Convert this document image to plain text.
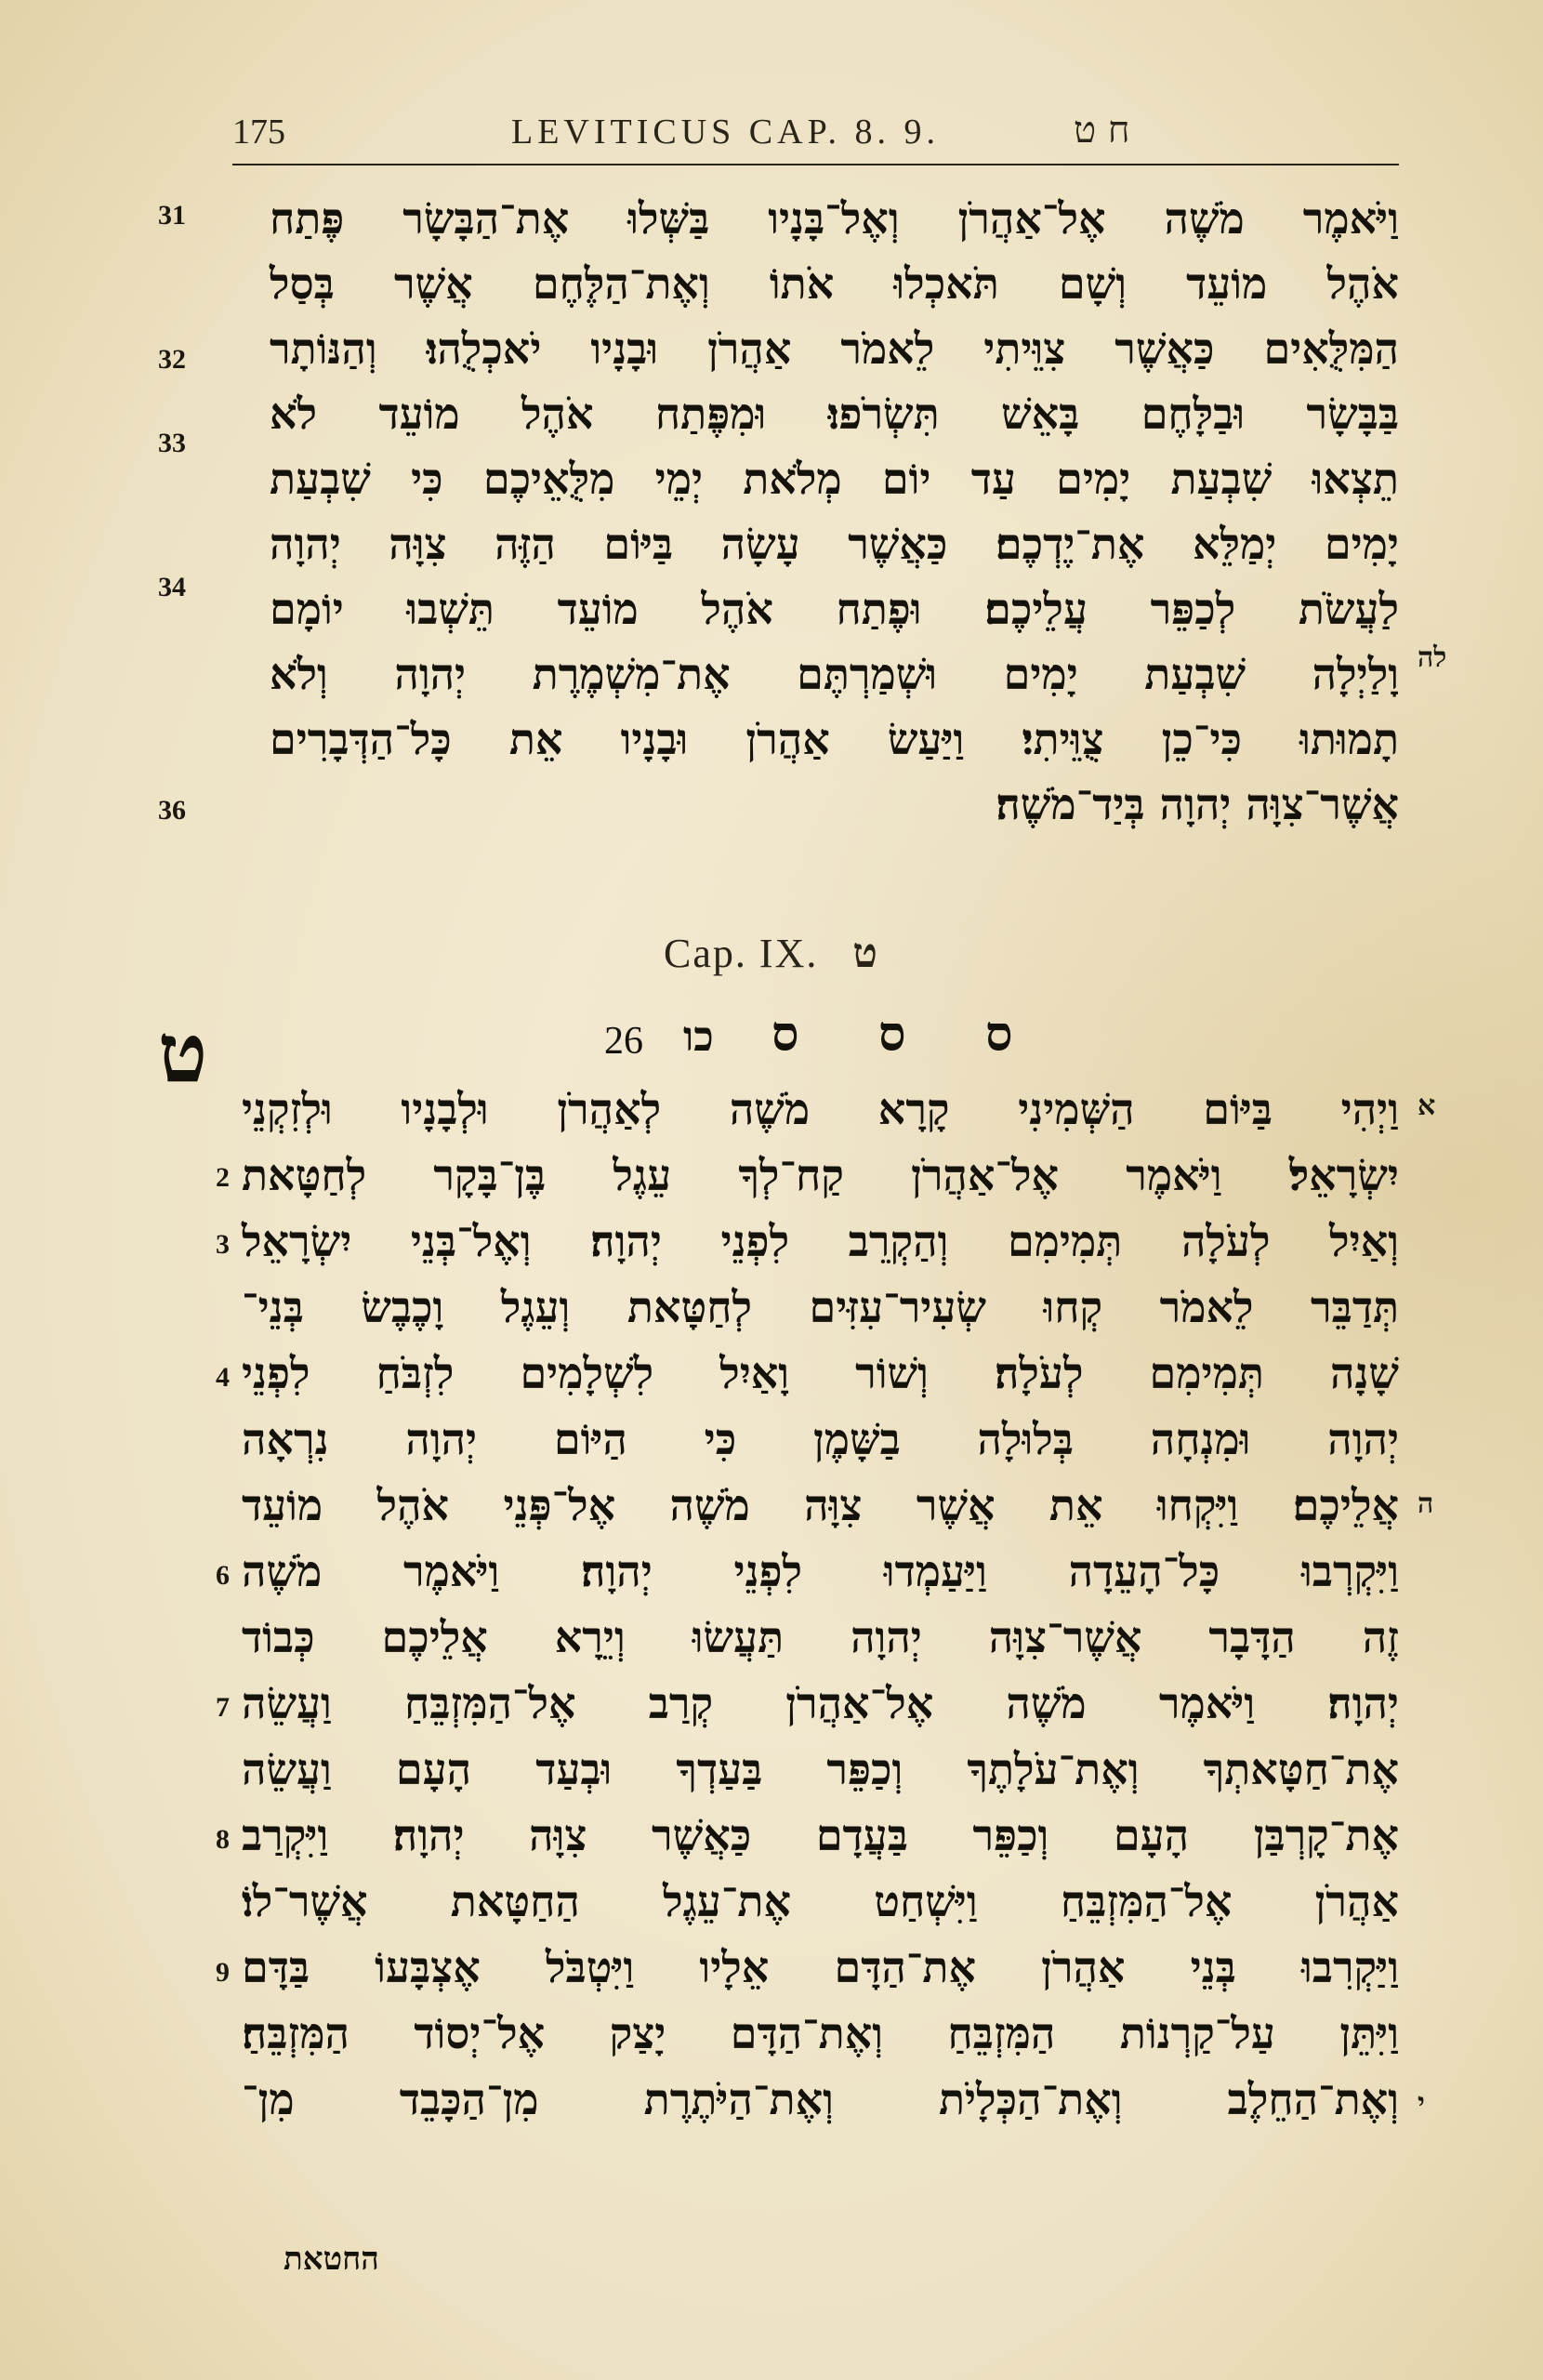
175	LEVITICUS CAP. 8. 9.	ח ט
וַיֹּאמֶר מֹשֶׁה אֶל־אַהֲרֹן וְאֶל־בָּנָיו בַּשְּׁלוּ אֶת־הַבָּשָׂר פֶּתַח
אֹהֶל מוֹעֵד וְשָׁם תֹּאכְלוּ אֹתוֹ וְאֶת־הַלֶּחֶם אֲשֶׁר בְּסַל
הַמִּלֻּאִים כַּאֲשֶׁר צִוֵּיתִי לֵאמֹר אַהֲרֹן וּבָנָיו יֹאכְלֻהוּ׃ וְהַנּוֹתָר
בַּבָּשָׂר וּבַלָּחֶם בָּאֵשׁ תִּשְׂרֹפוּ׃ וּמִפֶּתַח אֹהֶל מוֹעֵד לֹא
תֵצְאוּ שִׁבְעַת יָמִים עַד יוֹם מְלֹאת יְמֵי מִלֻּאֵיכֶם כִּי שִׁבְעַת
יָמִים יְמַלֵּא אֶת־יֶדְכֶם׃ כַּאֲשֶׁר עָשָׂה בַּיּוֹם הַזֶּה צִוָּה יְהוָה
לַעֲשֹׂת לְכַפֵּר עֲלֵיכֶם׃ וּפֶתַח אֹהֶל מוֹעֵד תֵּשְׁבוּ יוֹמָם
וָלַיְלָה שִׁבְעַת יָמִים וּשְׁמַרְתֶּם אֶת־מִשְׁמֶרֶת יְהוָה וְלֹא
תָמוּתוּ כִּי־כֵן צֻוֵּיתִי׃ וַיַּעַשׂ אַהֲרֹן וּבָנָיו אֵת כָּל־הַדְּבָרִים
אֲשֶׁר־צִוָּה יְהוָה בְּיַד־מֹשֶׁה׃
31
32
33
34
לה
36
Cap. IX. ט
26 כו ס ס ס
ט
וַיְהִי בַּיּוֹם הַשְּׁמִינִי קָרָא מֹשֶׁה לְאַהֲרֹן וּלְבָנָיו וּלְזִקְנֵי
יִשְׂרָאֵל׃ וַיֹּאמֶר אֶל־אַהֲרֹן קַח־לְךָ עֵגֶל בֶּן־בָּקָר לְחַטָּאת
וְאַיִל לְעֹלָה תְּמִימִם וְהַקְרֵב לִפְנֵי יְהוָה׃ וְאֶל־בְּנֵי יִשְׂרָאֵל
תְּדַבֵּר לֵאמֹר קְחוּ שְׂעִיר־עִזִּים לְחַטָּאת וְעֵגֶל וָכֶבֶשׂ בְּנֵי־
שָׁנָה תְּמִימִם לְעֹלָה׃ וְשׁוֹר וָאַיִל לִשְׁלָמִים לִזְבֹּחַ לִפְנֵי
יְהוָה וּמִנְחָה בְּלוּלָה בַשָּׁמֶן כִּי הַיּוֹם יְהוָה נִרְאָה
אֲלֵיכֶם׃ וַיִּקְחוּ אֵת אֲשֶׁר צִוָּה מֹשֶׁה אֶל־פְּנֵי אֹהֶל מוֹעֵד
וַיִּקְרְבוּ כָּל־הָעֵדָה וַיַּעַמְדוּ לִפְנֵי יְהוָה׃ וַיֹּאמֶר מֹשֶׁה
זֶה הַדָּבָר אֲשֶׁר־צִוָּה יְהוָה תַּעֲשׂוּ וְיֵרָא אֲלֵיכֶם כְּבוֹד
יְהוָה׃ וַיֹּאמֶר מֹשֶׁה אֶל־אַהֲרֹן קְרַב אֶל־הַמִּזְבֵּחַ וַעֲשֵׂה
אֶת־חַטָּאתְךָ וְאֶת־עֹלָתֶךָ וְכַפֵּר בַּעַדְךָ וּבְעַד הָעָם וַעֲשֵׂה
אֶת־קָרְבַּן הָעָם וְכַפֵּר בַּעֲדָם כַּאֲשֶׁר צִוָּה יְהוָה׃ וַיִּקְרַב
אַהֲרֹן אֶל־הַמִּזְבֵּחַ וַיִּשְׁחַט אֶת־עֵגֶל הַחַטָּאת אֲשֶׁר־לוֹ׃
וַיַּקְרִבוּ בְּנֵי אַהֲרֹן אֶת־הַדָּם אֵלָיו וַיִּטְבֹּל אֶצְבָּעוֹ בַּדָּם
וַיִּתֵּן עַל־קַרְנוֹת הַמִּזְבֵּחַ וְאֶת־הַדָּם יָצַק אֶל־יְסוֹד הַמִּזְבֵּחַ׃
וְאֶת־הַחֵלֶב וְאֶת־הַכְּלָיֹת וְאֶת־הַיֹּתֶרֶת מִן־הַכָּבֵד מִן־
א
2
3
4
ה
6
7
8
9
י
החטאת
